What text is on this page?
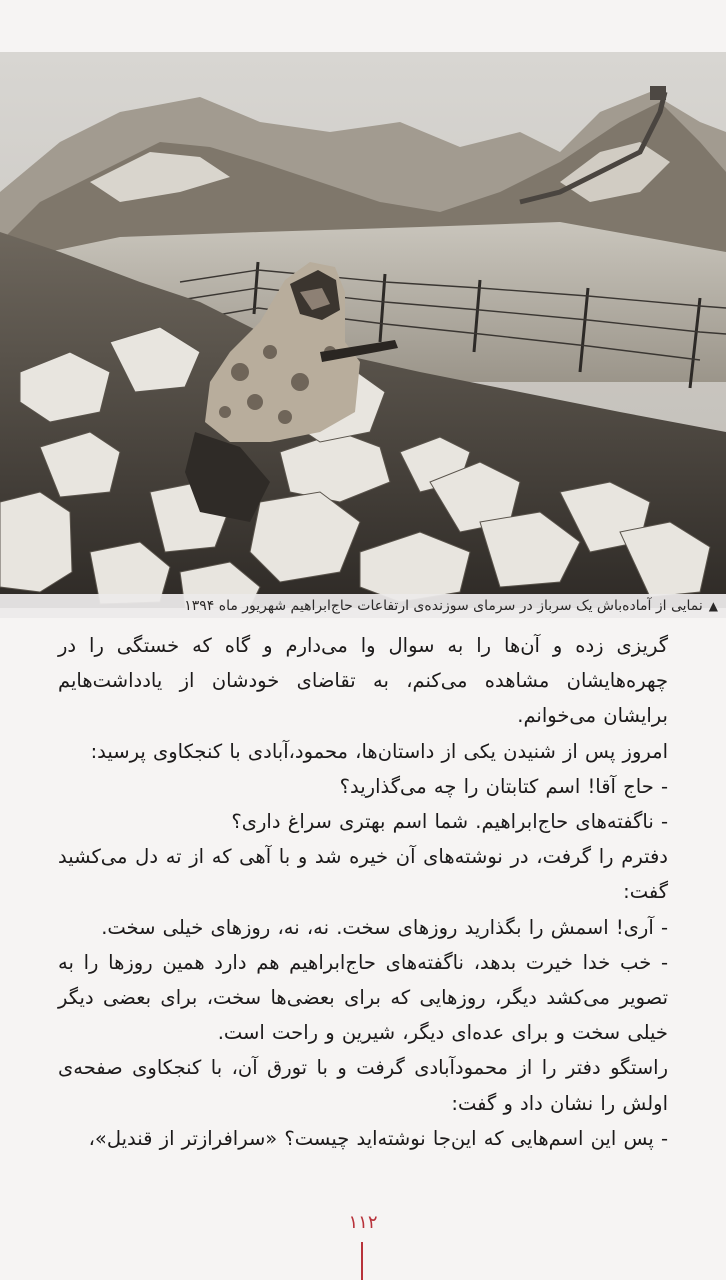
▲
نمایی از آماده‌باش یک سرباز در سرمای سوزنده‌ی ارتفاعات حاج‌ابراهیم شهریور ماه ۱۳۹۴

گریزی زده و آن‌ها را به سوال وا می‌دارم و گاه که خستگی را در چهره‌هایشان مشاهده می‌کنم، به تقاضای خودشان از یادداشت‌هایم برایشان می‌خوانم.

امروز پس از شنیدن یکی از داستان‌ها، محمود،آبادی با کنجکاوی پرسید:

- حاج آقا! اسم کتابتان را چه می‌گذارید؟

- ناگفته‌های حاج‌ابراهیم. شما اسم بهتری سراغ داری؟

دفترم را گرفت، در نوشته‌های آن خیره شد و با آهی که از ته دل می‌کشید گفت:

- آری! اسمش را بگذارید روزهای سخت. نه، نه، روزهای خیلی سخت.

- خب خدا خیرت بدهد، ناگفته‌های حاج‌ابراهیم هم دارد همین روزها را به تصویر می‌کشد دیگر، روزهایی که برای بعضی‌ها سخت، برای بعضی دیگر خیلی سخت و برای عده‌ای دیگر، شیرین و راحت است.

راستگو دفتر را از محمودآبادی گرفت و با تورق آن، با کنجکاوی صفحه‌ی اولش را نشان داد و گفت:

- پس این اسم‌هایی که این‌جا نوشته‌اید چیست؟ «سرافرازتر از قندیل»،

۱۱۲
